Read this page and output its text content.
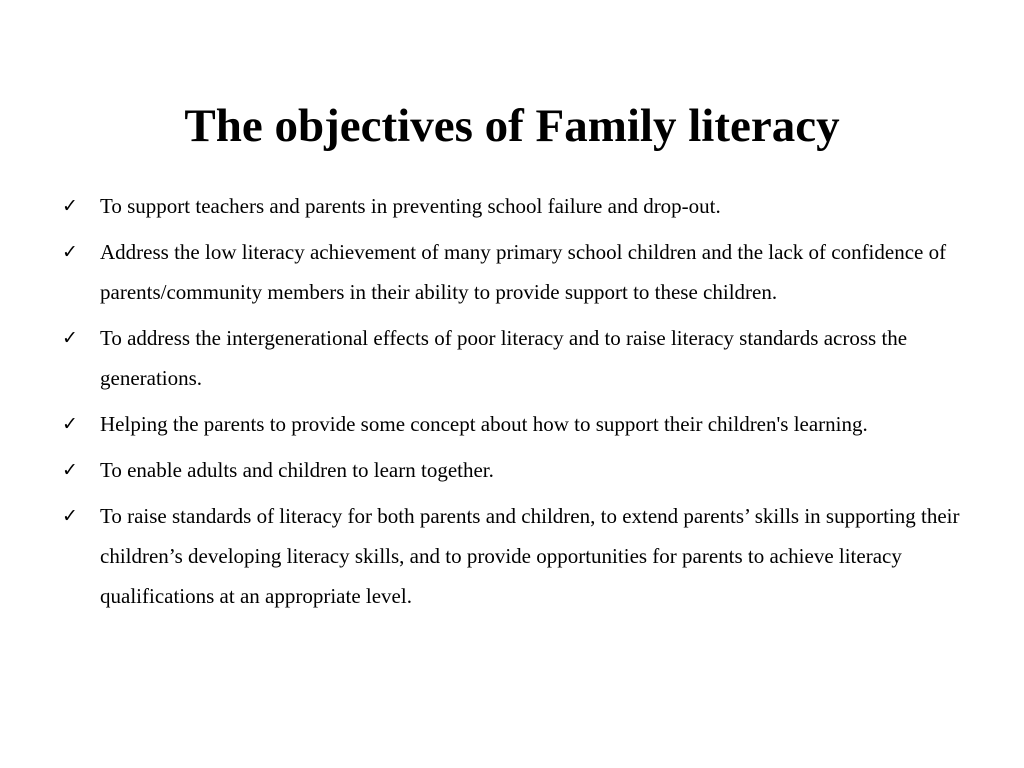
The objectives of Family literacy
✓ To support teachers and parents in preventing school failure and drop-out.
✓ Address the low literacy achievement of many primary school children and the lack of confidence of parents/community members in their ability to provide support to these children.
✓ To address the intergenerational effects of poor literacy and to raise literacy standards across the generations.
✓ Helping the parents to provide some concept about how to support their children's learning.
✓ To enable adults and children to learn together.
✓ To raise standards of literacy for both parents and children, to extend parents’ skills in supporting their children’s developing literacy skills, and to provide opportunities for parents to achieve literacy qualifications at an appropriate level.
